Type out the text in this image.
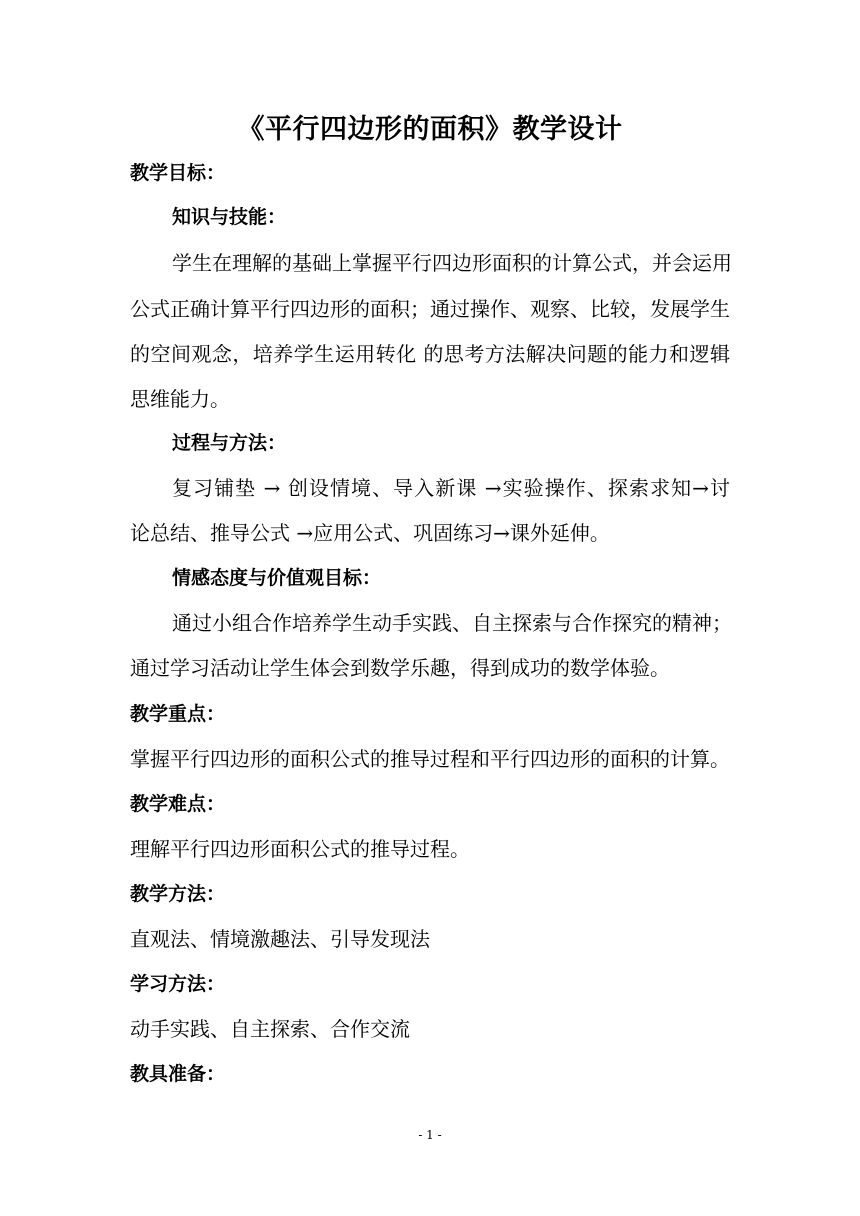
《平行四边形的面积》教学设计
教学目标：
知识与技能：
学生在理解的基础上掌握平行四边形面积的计算公式，并会运用
公式正确计算平行四边形的面积；通过操作、观察、比较，发展学生
的空间观念，培养学生运用转化 的思考方法解决问题的能力和逻辑
思维能力。
过程与方法：
复习铺垫 → 创设情境、导入新课 →实验操作、探索求知→讨
论总结、推导公式 →应用公式、巩固练习→课外延伸。
情感态度与价值观目标：
通过小组合作培养学生动手实践、自主探索与合作探究的精神；
通过学习活动让学生体会到数学乐趣，得到成功的数学体验。
教学重点：
掌握平行四边形的面积公式的推导过程和平行四边形的面积的计算。
教学难点：
理解平行四边形面积公式的推导过程。
教学方法：
直观法、情境激趣法、引导发现法
学习方法：
动手实践、自主探索、合作交流
教具准备：
- 1 -
